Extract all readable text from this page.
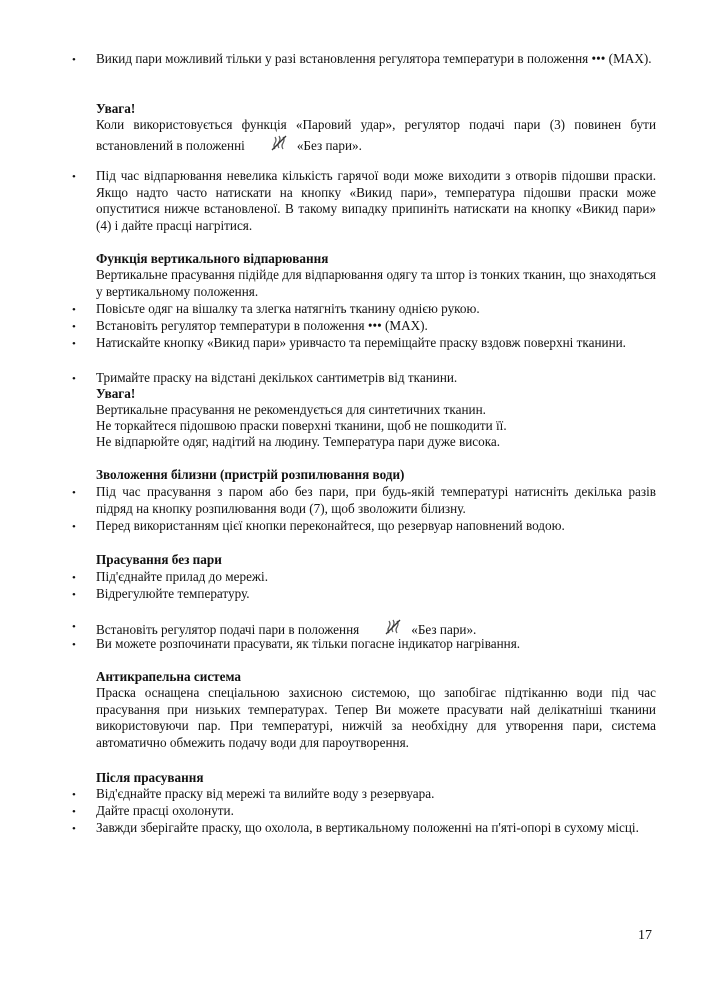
• Викид пари можливий тільки у разі встановлення регулятора температури в положення ••• (MAX).
Увага!
Коли використовується функція «Паровий удар», регулятор подачі пари (3) повинен бути встановлений в положенні	«Без пари».
• Під час відпарювання невелика кількість гарячої води може виходити з отворів підошви праски. Якщо надто часто натискати на кнопку «Викид пари», температура підошви праски може опуститися нижче встановленої. В такому випадку припиніть натискати на кнопку «Викид пари» (4) і дайте прасці нагрітися.
Функція вертикального відпарювання
Вертикальне прасування підійде для відпарювання одягу та штор із тонких тканин, що знаходяться у вертикальному положення.
• Повісьте одяг на вішалку та злегка натягніть тканину однією рукою.
• Встановіть регулятор температури в положення ••• (MAX).
• Натискайте кнопку «Викид пари» уривчасто та переміщайте праску вздовж поверхні тканини.
• Тримайте праску на відстані декількох сантиметрів від тканини.
Увага!
Вертикальне прасування не рекомендується для синтетичних тканин.
Не торкайтеся підошвою праски поверхні тканини, щоб не пошкодити її.
Не відпарюйте одяг, надітий на людину. Температура пари дуже висока.
Зволоження білизни (пристрій розпилювання води)
• Під час прасування з паром або без пари, при будь-якій температурі натисніть декілька разів підряд на кнопку розпилювання води (7), щоб зволожити білизну.
• Перед використанням цієї кнопки переконайтеся, що резервуар наповнений водою.
Прасування без пари
• Під'єднайте прилад до мережі.
• Відрегулюйте температуру.
• Встановіть регулятор подачі пари в положення	«Без пари».
• Ви можете розпочинати прасувати, як тільки погасне індикатор нагрівання.
Антикрапельна система
Праска оснащена спеціальною захисною системою, що запобігає підтіканню води під час прасування при низьких температурах. Тепер Ви можете прасувати най делікатніші тканини використовуючи пар. При температурі, нижчій за необхідну для утворення пари, система автоматично обмежить подачу води для пароутворення.
Після прасування
• Від'єднайте праску від мережі та вилийте воду з резервуара.
• Дайте прасці охолонути.
• Завжди зберігайте праску, що охолола, в вертикальному положенні на п'яті-опорі в сухому місці.
17
